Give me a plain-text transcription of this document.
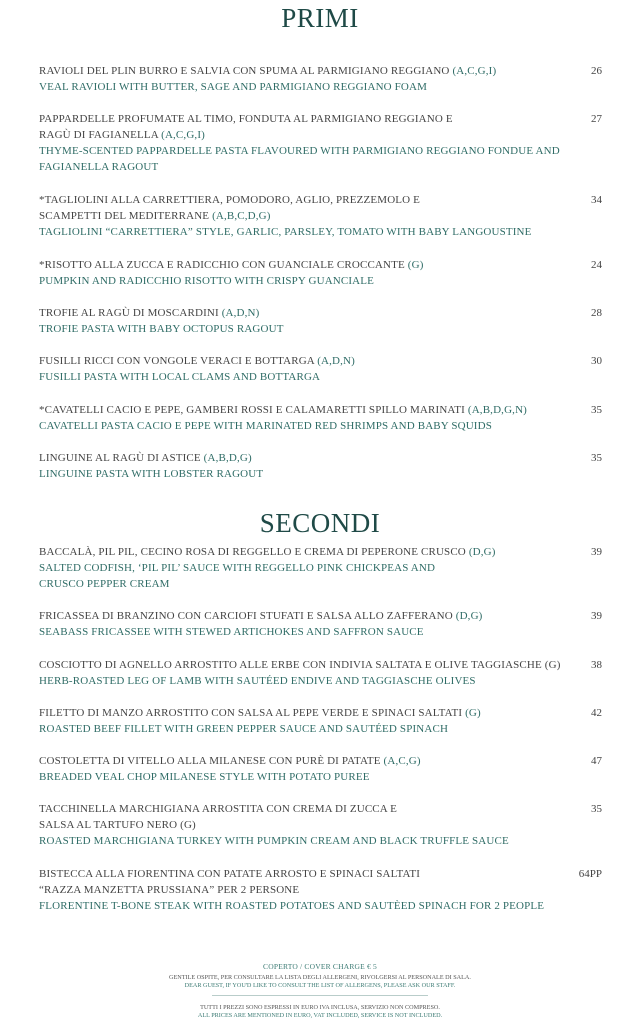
PRIMI
RAVIOLI DEL PLIN BURRO E SALVIA CON SPUMA AL PARMIGIANO REGGIANO (A,C,G,I)
VEAL RAVIOLI WITH BUTTER, SAGE AND PARMIGIANO REGGIANO FOAM
26
PAPPARDELLE PROFUMATE AL TIMO, FONDUTA AL PARMIGIANO REGGIANO E
RAGÙ DI FAGIANELLA (A,C,G,I)
THYME-SCENTED PAPPARDELLE PASTA FLAVOURED WITH PARMIGIANO REGGIANO FONDUE AND
FAGIANELLA RAGOUT
27
*TAGLIOLINI ALLA CARRETTIERA, POMODORO, AGLIO, PREZZEMOLO E
SCAMPETTI DEL MEDITERRANE (A,B,C,D,G)
TAGLIOLINI “CARRETTIERA” STYLE, GARLIC, PARSLEY, TOMATO WITH BABY LANGOUSTINE
34
*RISOTTO ALLA ZUCCA E RADICCHIO CON GUANCIALE CROCCANTE (G)
PUMPKIN AND RADICCHIO RISOTTO WITH CRISPY GUANCIALE
24
TROFIE AL RAGÙ DI MOSCARDINI (A,D,N)
TROFIE PASTA WITH BABY OCTOPUS RAGOUT
28
FUSILLI RICCI CON VONGOLE VERACI E BOTTARGA (A,D,N)
FUSILLI PASTA WITH LOCAL CLAMS AND BOTTARGA
30
*CAVATELLI CACIO E PEPE, GAMBERI ROSSI E CALAMARETTI SPILLO MARINATI (A,B,D,G,N)
CAVATELLI PASTA CACIO E PEPE WITH MARINATED RED SHRIMPS AND BABY SQUIDS
35
LINGUINE AL RAGÙ DI ASTICE (A,B,D,G)
LINGUINE PASTA WITH LOBSTER RAGOUT
35
SECONDI
BACCALÀ, PIL PIL, CECINO ROSA DI REGGELLO E CREMA DI PEPERONE CRUSCO (D,G)
SALTED CODFISH, ‘PIL PIL’ SAUCE WITH REGGELLO PINK CHICKPEAS AND
CRUSCO PEPPER CREAM
39
FRICASSEA DI BRANZINO CON CARCIOFI STUFATI E SALSA ALLO ZAFFERANO (D,G)
SEABASS FRICASSEE WITH STEWED ARTICHOKES AND SAFFRON SAUCE
39
COSCIOTTO DI AGNELLO ARROSTITO ALLE ERBE CON INDIVIA SALTATA E OLIVE TAGGIASCHE (G)
HERB-ROASTED LEG OF LAMB WITH SAUTÉED ENDIVE AND TAGGIASCHE OLIVES
38
FILETTO DI MANZO ARROSTITO CON SALSA AL PEPE VERDE E SPINACI SALTATI (G)
ROASTED BEEF FILLET WITH GREEN PEPPER SAUCE AND SAUTÉED SPINACH
42
COSTOLETTA DI VITELLO ALLA MILANESE CON PURÈ DI PATATE (A,C,G)
BREADED VEAL CHOP MILANESE STYLE WITH POTATO PUREE
47
TACCHINELLA MARCHIGIANA ARROSTITA CON CREMA DI ZUCCA E
SALSA AL TARTUFO NERO (G)
ROASTED MARCHIGIANA TURKEY WITH PUMPKIN CREAM AND BLACK TRUFFLE SAUCE
35
BISTECCA ALLA FIORENTINA CON PATATE ARROSTO E SPINACI SALTATI
“RAZZA MANZETTA PRUSSIANA” PER 2 PERSONE
FLORENTINE T-BONE STEAK WITH ROASTED POTATOES AND SAUTÈED SPINACH FOR 2 PEOPLE
64PP
COPERTO / COVER CHARGE € 5
GENTILE OSPITE, PER CONSULTARE LA LISTA DEGLI ALLERGENI, RIVOLGERSI AL PERSONALE DI SALA.
DEAR GUEST, IF YOU'D LIKE TO CONSULT THE LIST OF ALLERGENS, PLEASE ASK OUR STAFF.
TUTTI I PREZZI SONO ESPRESSI IN EURO IVA INCLUSA, SERVIZIO NON COMPRESO.
ALL PRICES ARE MENTIONED IN EURO, VAT INCLUDED, SERVICE IS NOT INCLUDED.
